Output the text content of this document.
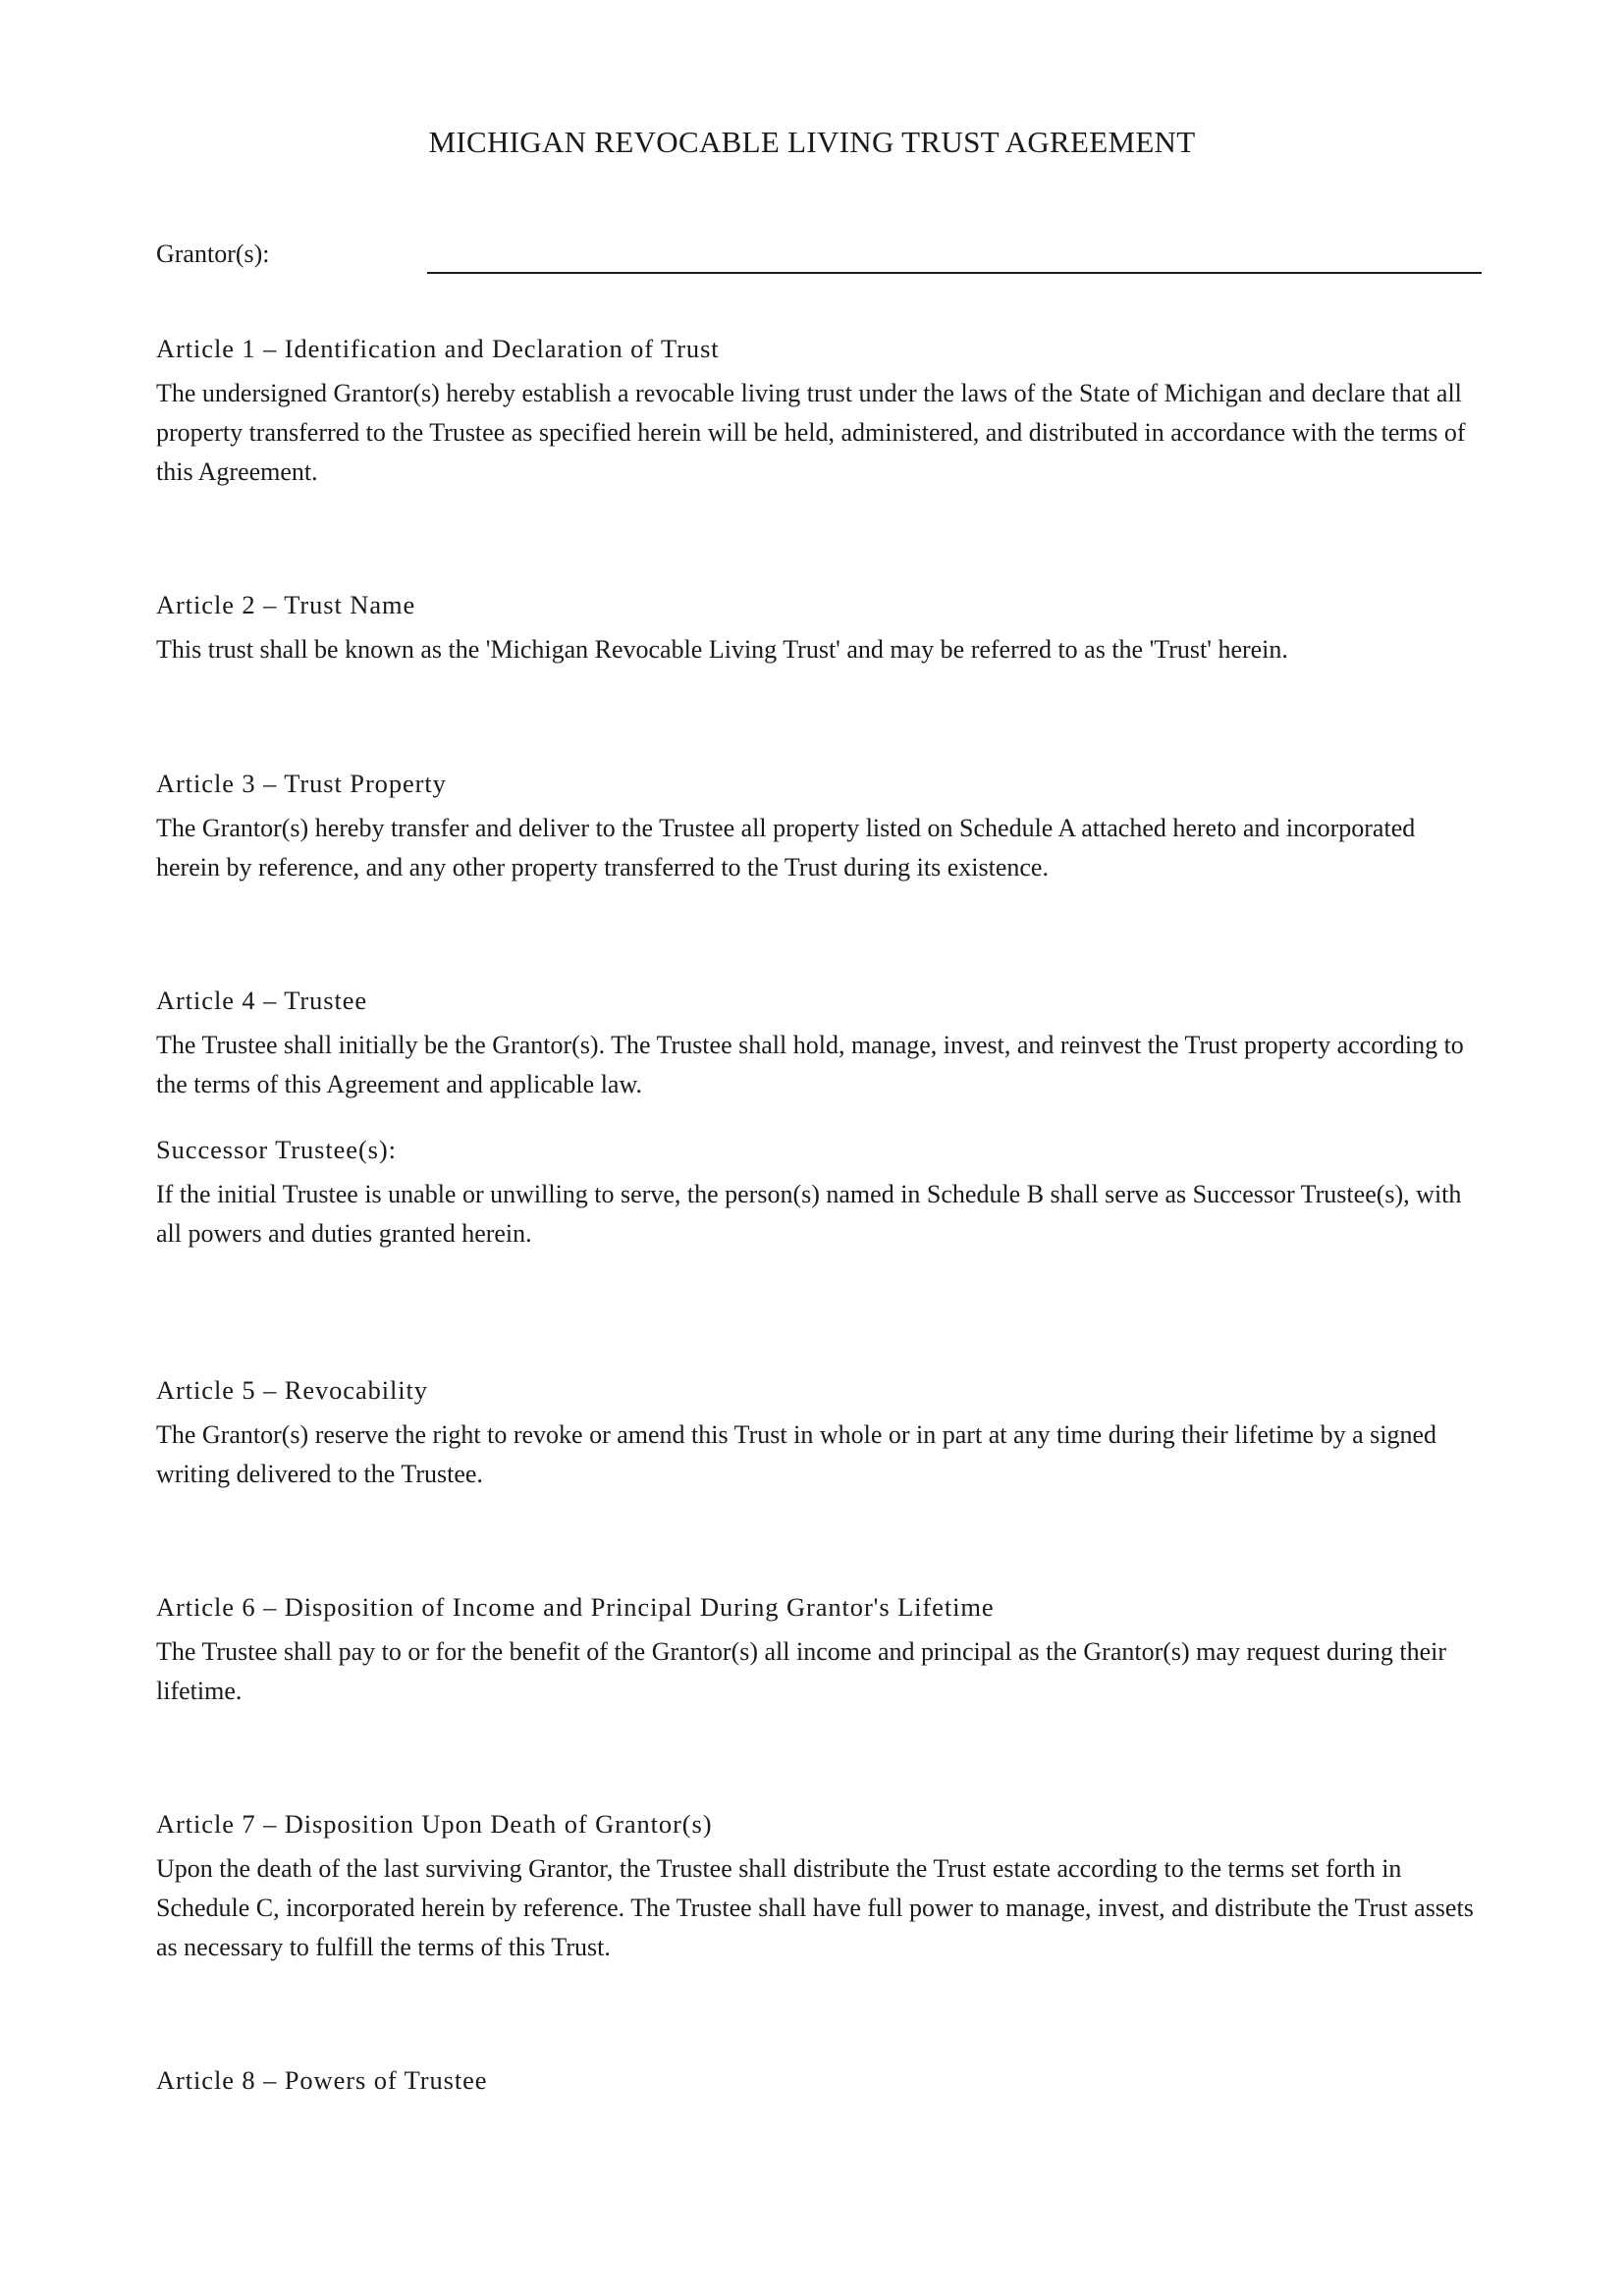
MICHIGAN REVOCABLE LIVING TRUST AGREEMENT
Grantor(s):
Article 1 – Identification and Declaration of Trust

The undersigned Grantor(s) hereby establish a revocable living trust under the laws of the State of Michigan and declare that all property transferred to the Trustee as specified herein will be held, administered, and distributed in accordance with the terms of this Agreement.

Article 2 – Trust Name

This trust shall be known as the 'Michigan Revocable Living Trust' and may be referred to as the 'Trust' herein.

Article 3 – Trust Property

The Grantor(s) hereby transfer and deliver to the Trustee all property listed on Schedule A attached hereto and incorporated herein by reference, and any other property transferred to the Trust during its existence.

Article 4 – Trustee

The Trustee shall initially be the Grantor(s). The Trustee shall hold, manage, invest, and reinvest the Trust property according to the terms of this Agreement and applicable law.

Successor Trustee(s):

If the initial Trustee is unable or unwilling to serve, the person(s) named in Schedule B shall serve as Successor Trustee(s), with all powers and duties granted herein.

Article 5 – Revocability

The Grantor(s) reserve the right to revoke or amend this Trust in whole or in part at any time during their lifetime by a signed writing delivered to the Trustee.

Article 6 – Disposition of Income and Principal During Grantor's Lifetime

The Trustee shall pay to or for the benefit of the Grantor(s) all income and principal as the Grantor(s) may request during their lifetime.

Article 7 – Disposition Upon Death of Grantor(s)

Upon the death of the last surviving Grantor, the Trustee shall distribute the Trust estate according to the terms set forth in Schedule C, incorporated herein by reference. The Trustee shall have full power to manage, invest, and distribute the Trust assets as necessary to fulfill the terms of this Trust.

Article 8 – Powers of Trustee
